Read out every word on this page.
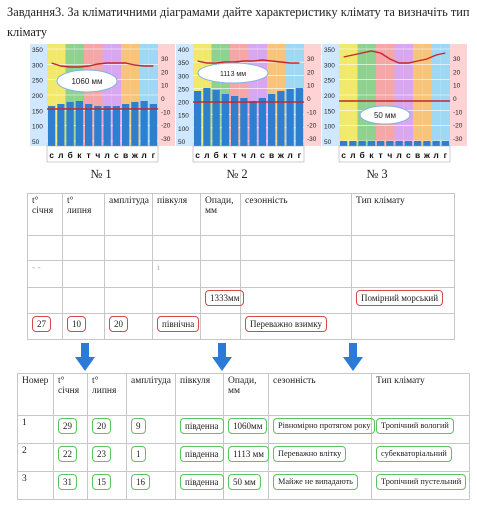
Завдання3. За кліматичними діаграмами дайте характеристику клімату та визначіть тип клімату
350
300
250
200
150
100
50
30
20
10
0
-10
-20
-30
1060 мм
с л б к т ч л с в ж л г
400
350
300
250
200
150
100
50
30
20
10
0
-10
-20
-30
1113 мм
с л б к т ч л с в ж л г
350
300
250
200
150
100
50
30
20
10
0
-10
-20
-30
50 мм
с л б к т ч л с в ж л г
№ 1	№ 2	№ 3
t° січня	t° липня	амплітуда	півкуля	Опади, мм	сезонність	Тип клімату

- -			ı			
				1333мм		Помірний морський
27	10	20	північна		Переважно взимку	
Номер	t° січня	t° липня	амплітуда	півкуля	Опади, мм	сезонність	Тип клімату
1	29	20	9	південна	1060мм	Рівномірно протягом року	Тропічний вологий
2	22	23	1	південна	1113 мм	Переважно влітку	субекваторіальний
3	31	15	16	південна	50 мм	Майже не випадають	Тропічний пустельний
